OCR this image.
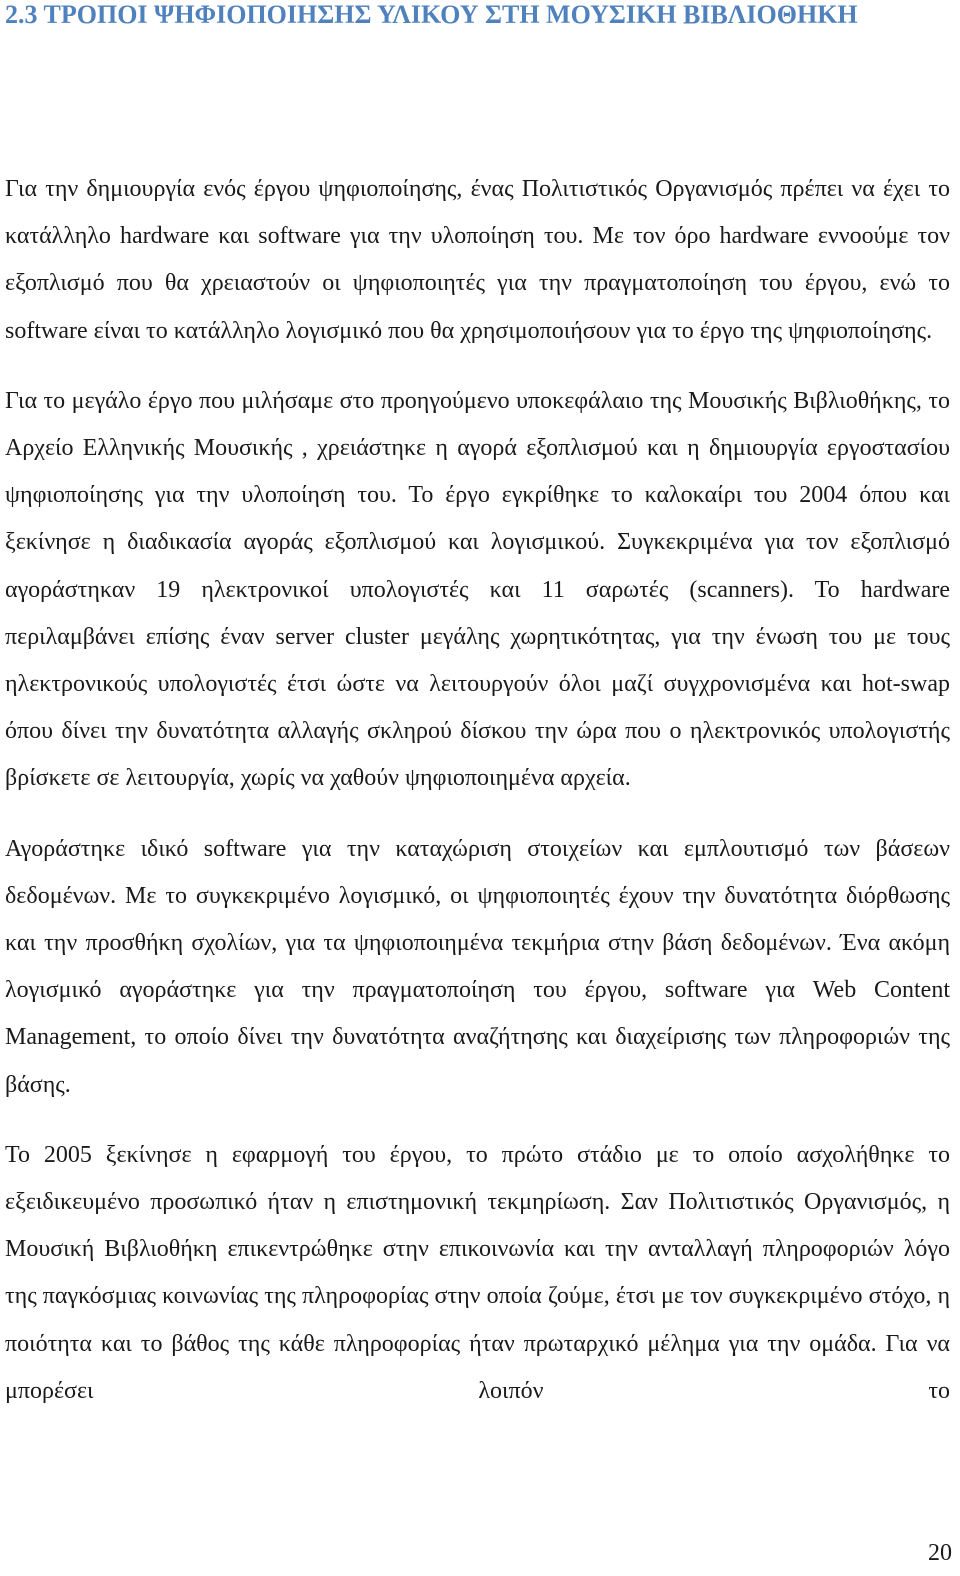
2.3 ΤΡΟΠΟΙ ΨΗΦΙΟΠΟΙΗΣΗΣ ΥΛΙΚΟΥ ΣΤΗ ΜΟΥΣΙΚΗ ΒΙΒΛΙΟΘΗΚΗ

Για την δημιουργία ενός έργου ψηφιοποίησης, ένας Πολιτιστικός Οργανισμός πρέπει να έχει το κατάλληλο hardware και software για την υλοποίηση του. Με τον όρο hardware εννοούμε τον εξοπλισμό που θα χρειαστούν οι ψηφιοποιητές για την πραγματοποίηση του έργου, ενώ το software είναι το κατάλληλο λογισμικό που θα χρησιμοποιήσουν για το έργο της ψηφιοποίησης.

Για το μεγάλο έργο που μιλήσαμε στο προηγούμενο υποκεφάλαιο της Μουσικής Βιβλιοθήκης, το Αρχείο Ελληνικής Μουσικής , χρειάστηκε η αγορά εξοπλισμού και η δημιουργία εργοστασίου ψηφιοποίησης για την υλοποίηση του. Το έργο εγκρίθηκε το καλοκαίρι του 2004 όπου και ξεκίνησε η διαδικασία αγοράς εξοπλισμού και λογισμικού. Συγκεκριμένα για τον εξοπλισμό αγοράστηκαν 19 ηλεκτρονικοί υπολογιστές και 11 σαρωτές (scanners). Το hardware περιλαμβάνει επίσης έναν server cluster μεγάλης χωρητικότητας, για την ένωση του με τους ηλεκτρονικούς υπολογιστές έτσι ώστε να λειτουργούν όλοι μαζί συγχρονισμένα και hot-swap όπου δίνει την δυνατότητα αλλαγής σκληρού δίσκου την ώρα που ο ηλεκτρονικός υπολογιστής βρίσκετε σε λειτουργία, χωρίς να χαθούν ψηφιοποιημένα αρχεία.

Αγοράστηκε ιδικό software για την καταχώριση στοιχείων και εμπλουτισμό των βάσεων δεδομένων. Με το συγκεκριμένο λογισμικό, οι ψηφιοποιητές έχουν την δυνατότητα διόρθωσης και την προσθήκη σχολίων, για τα ψηφιοποιημένα τεκμήρια στην βάση δεδομένων. Ένα ακόμη λογισμικό αγοράστηκε για την πραγματοποίηση του έργου, software για Web Content Management, το οποίο δίνει την δυνατότητα αναζήτησης και διαχείρισης των πληροφοριών της βάσης.

Το 2005 ξεκίνησε η εφαρμογή του έργου, το πρώτο στάδιο με το οποίο ασχολήθηκε το εξειδικευμένο προσωπικό ήταν η επιστημονική τεκμηρίωση. Σαν Πολιτιστικός Οργανισμός, η Μουσική Βιβλιοθήκη επικεντρώθηκε στην επικοινωνία και την ανταλλαγή πληροφοριών λόγο της παγκόσμιας κοινωνίας της πληροφορίας στην οποία ζούμε, έτσι με τον συγκεκριμένο στόχο, η ποιότητα και το βάθος της κάθε πληροφορίας ήταν πρωταρχικό μέλημα για την ομάδα. Για να μπορέσει λοιπόν το

20
